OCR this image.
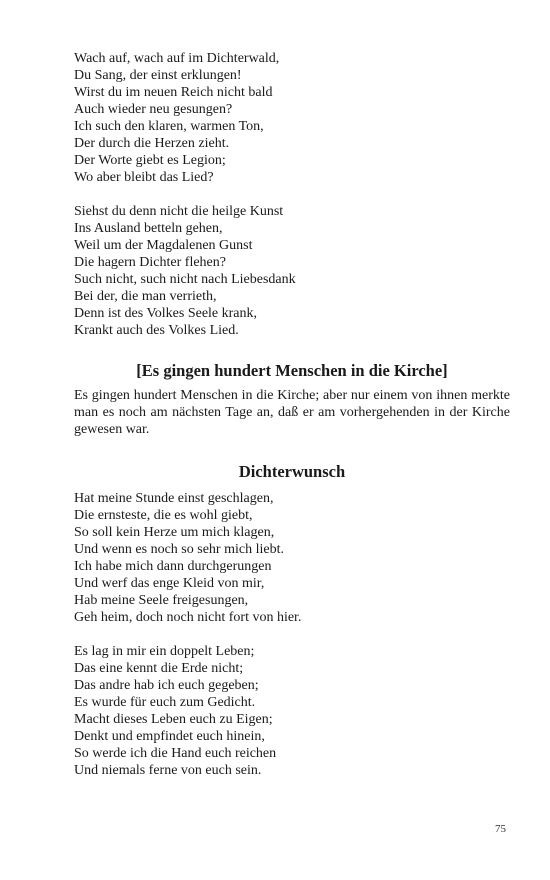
Wach auf, wach auf im Dichterwald,
Du Sang, der einst erklungen!
Wirst du im neuen Reich nicht bald
Auch wieder neu gesungen?
Ich such den klaren, warmen Ton,
Der durch die Herzen zieht.
Der Worte giebt es Legion;
Wo aber bleibt das Lied?
Siehst du denn nicht die heilge Kunst
Ins Ausland betteln gehen,
Weil um der Magdalenen Gunst
Die hagern Dichter flehen?
Such nicht, such nicht nach Liebesdank
Bei der, die man verrieth,
Denn ist des Volkes Seele krank,
Krankt auch des Volkes Lied.
[Es gingen hundert Menschen in die Kirche]

Es gingen hundert Menschen in die Kirche; aber nur einem von ihnen merkte man es noch am nächsten Tage an, daß er am vorhergehenden in der Kirche gewesen war.

Dichterwunsch
Hat meine Stunde einst geschlagen,
Die ernsteste, die es wohl giebt,
So soll kein Herze um mich klagen,
Und wenn es noch so sehr mich liebt.
Ich habe mich dann durchgerungen
Und werf das enge Kleid von mir,
Hab meine Seele freigesungen,
Geh heim, doch noch nicht fort von hier.
Es lag in mir ein doppelt Leben;
Das eine kennt die Erde nicht;
Das andre hab ich euch gegeben;
Es wurde für euch zum Gedicht.
Macht dieses Leben euch zu Eigen;
Denkt und empfindet euch hinein,
So werde ich die Hand euch reichen
Und niemals ferne von euch sein.
75
